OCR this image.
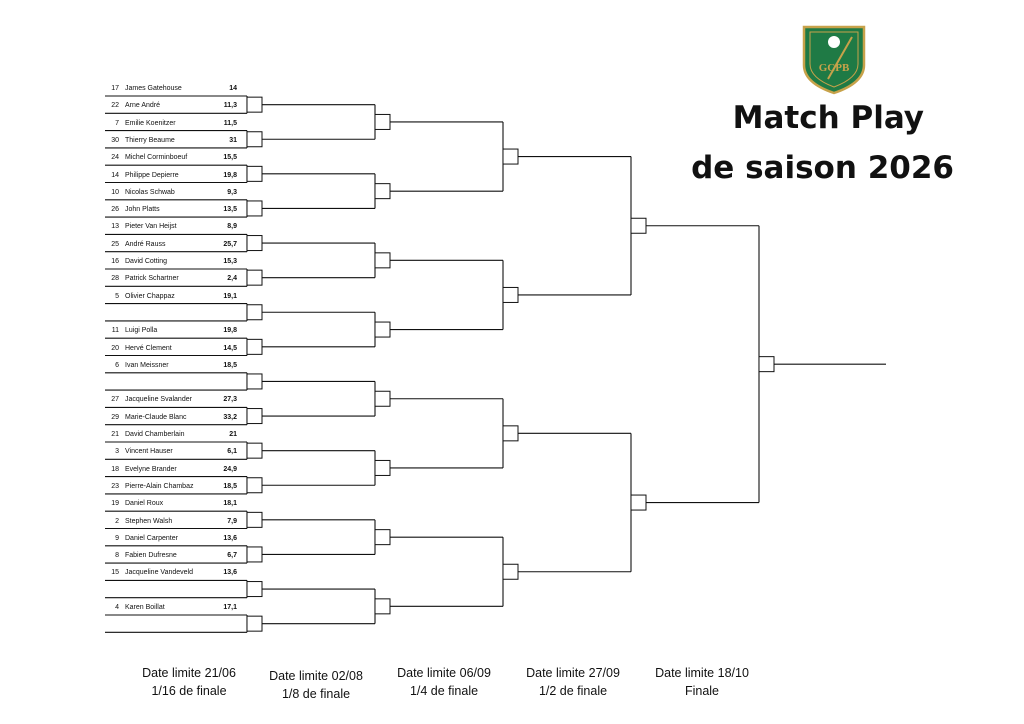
GCPB
Match Play
de saison 2026
17 James Gatehouse	14
22 Arne André	11,3
7 Emilie Koenitzer	11,5
30 Thierry Beaume	31
24 Michel Corminboeuf	15,5
14 Philippe Depierre	19,8
10 Nicolas Schwab	9,3
26 John Platts	13,5
13 Pieter Van Heijst	8,9
25 André Rauss	25,7
16 David Cotting	15,3
28 Patrick Schartner	2,4
5 Olivier Chappaz	19,1
11 Luigi Polla	19,8
20 Hervé Clement	14,5
6 Ivan Meissner	18,5
27 Jacqueline Svalander	27,3
29 Marie-Claude Blanc	33,2
21 David Chamberlain	21
3 Vincent Hauser	6,1
18 Evelyne Brander	24,9
23 Pierre-Alain Chambaz	18,5
19 Daniel Roux	18,1
2 Stephen Walsh	7,9
9 Daniel Carpenter	13,6
8 Fabien Dufresne	6,7
15 Jacqueline Vandeveld	13,6
4 Karen Boillat	17,1
Date limite 21/06
1/16 de finale
Date limite 02/08
1/8 de finale
Date limite 06/09
1/4 de finale
Date limite 27/09
1/2 de finale
Date limite 18/10
Finale
